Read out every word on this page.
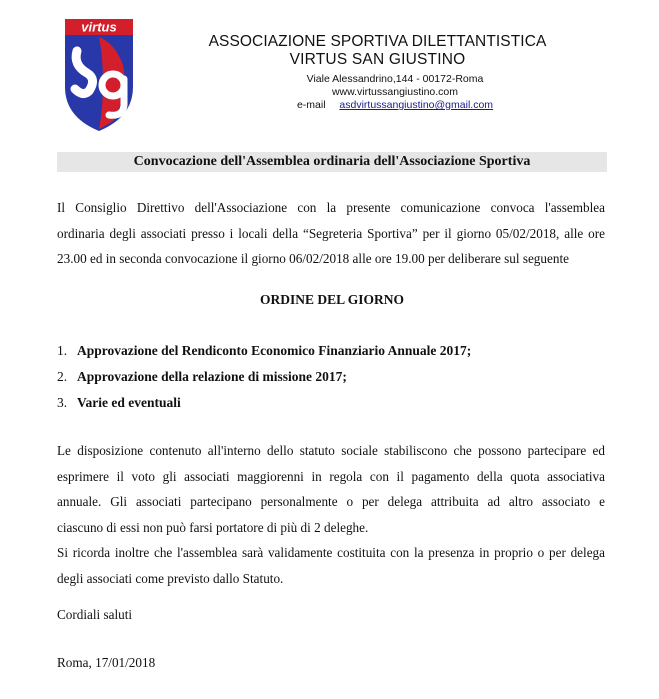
virtus
ASSOCIAZIONE SPORTIVA DILETTANTISTICA
VIRTUS SAN GIUSTINO
Viale Alessandrino,144 - 00172-Roma
www.virtussangiustino.com
e-mail asdvirtussangiustino@gmail.com
Convocazione dell'Assemblea ordinaria dell'Associazione Sportiva
Il Consiglio Direttivo dell'Associazione con la presente comunicazione convoca l'assemblea
ordinaria degli associati presso i locali della “Segreteria Sportiva” per il giorno 05/02/2018, alle ore
23.00 ed in seconda convocazione il giorno 06/02/2018 alle ore 19.00 per deliberare sul seguente
ORDINE DEL GIORNO
1. Approvazione del Rendiconto Economico Finanziario Annuale 2017;
2. Approvazione della relazione di missione 2017;
3. Varie ed eventuali
Le disposizione contenuto all'interno dello statuto sociale stabiliscono che possono partecipare ed
esprimere il voto gli associati maggiorenni in regola con il pagamento della quota associativa
annuale. Gli associati partecipano personalmente o per delega attribuita ad altro associato e
ciascuno di essi non può farsi portatore di più di 2 deleghe.
Si ricorda inoltre che l'assemblea sarà validamente costituita con la presenza in proprio o per delega
degli associati come previsto dallo Statuto.
Cordiali saluti
Roma, 17/01/2018
